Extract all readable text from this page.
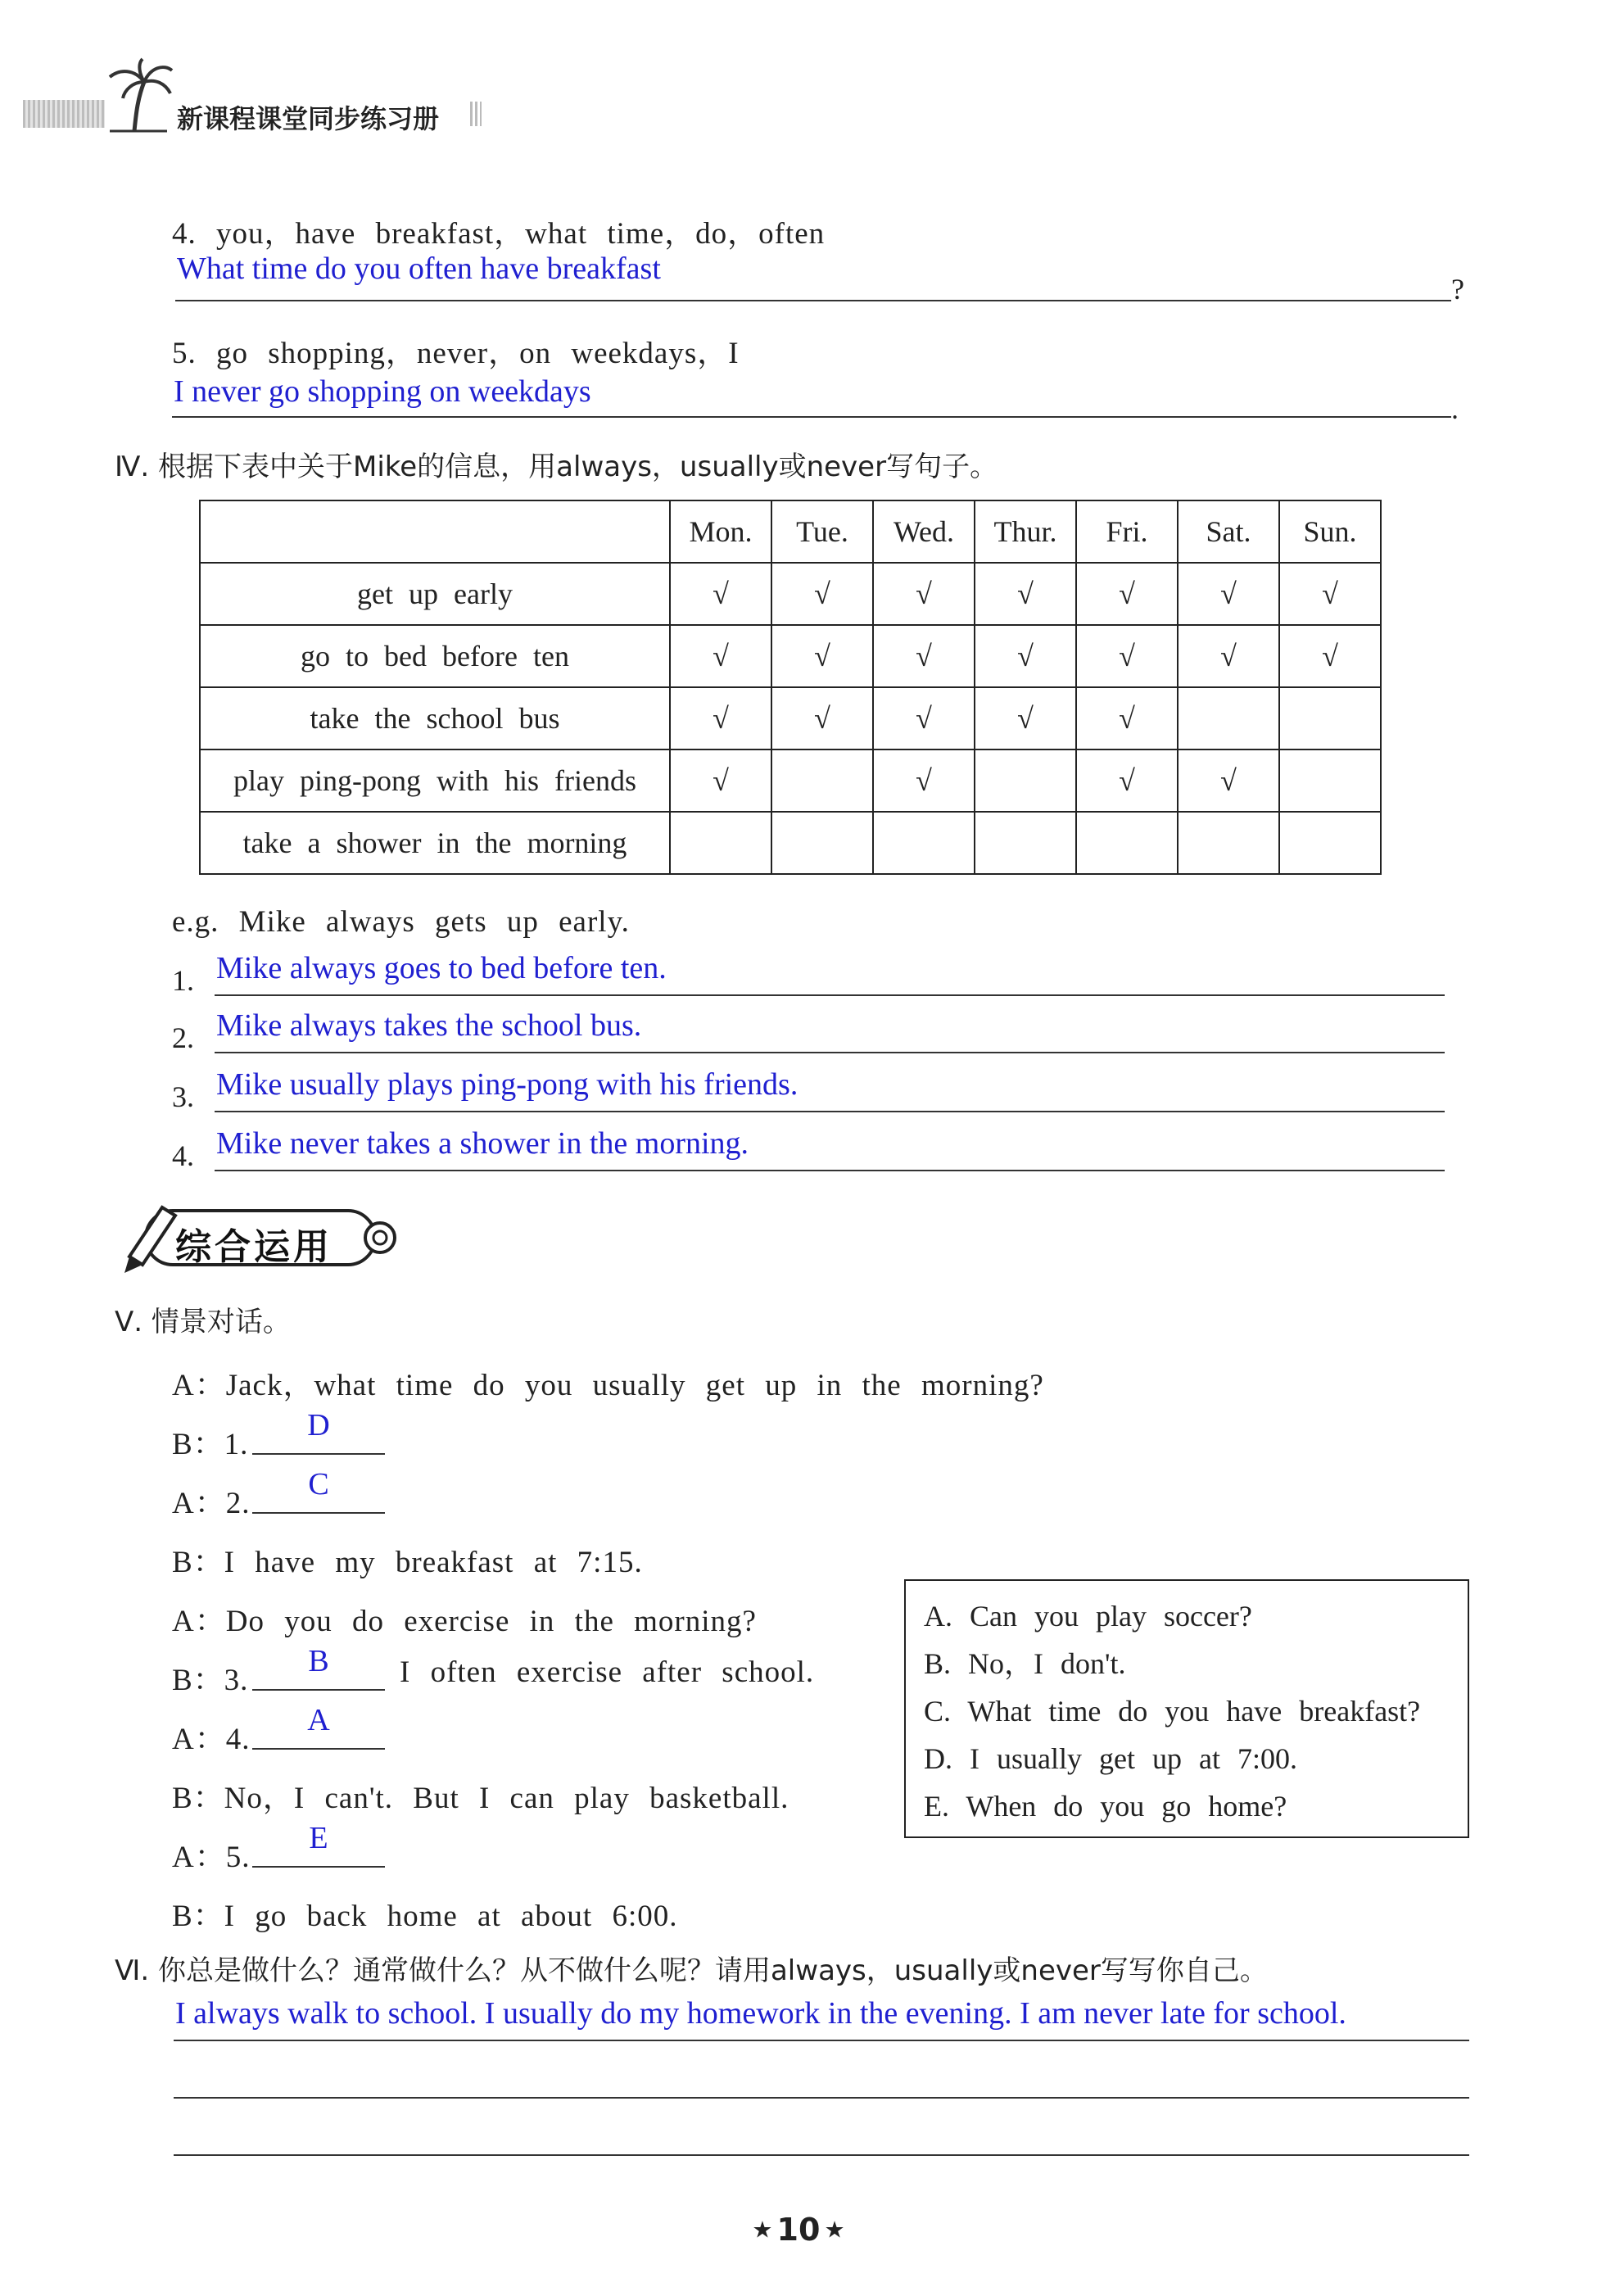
新课程课堂同步练习册
4. you，have breakfast，what time，do，often
What time do you often have breakfast
?
5. go shopping，never，on weekdays，I
I never go shopping on weekdays	.
Ⅳ. 根据下表中关于Mike的信息，用always，usually或never写句子。
	Mon.	Tue.	Wed.	Thur.	Fri.	Sat.	Sun.
get up early	√	√	√	√	√	√	√
go to bed before ten	√	√	√	√	√	√	√
take the school bus	√	√	√	√	√		
play ping-pong with his friends	√		√		√	√	
take a shower in the morning							
e.g. Mike always gets up early.
1. Mike always goes to bed before ten.
2. Mike always takes the school bus.
3. Mike usually plays ping-pong with his friends.
4. Mike never takes a shower in the morning.
综合运用
Ⅴ. 情景对话。
A：Jack，what time do you usually get up in the morning?
B：1.
D
A：2.
C
B：I have my breakfast at 7:15.
A：Do you do exercise in the morning?
B：3.
B	I often exercise after school.
A：4.
A
B：No，I can't. But I can play basketball.
A：5.
E
B：I go back home at about 6:00.
A. Can you play soccer?
B. No，I don't.
C. What time do you have breakfast?
D. I usually get up at 7:00.
E. When do you go home?
Ⅵ. 你总是做什么？通常做什么？从不做什么呢？请用always，usually或never写写你自己。
I always walk to school. I usually do my homework in the evening. I am never late for school.
★ 10 ★
